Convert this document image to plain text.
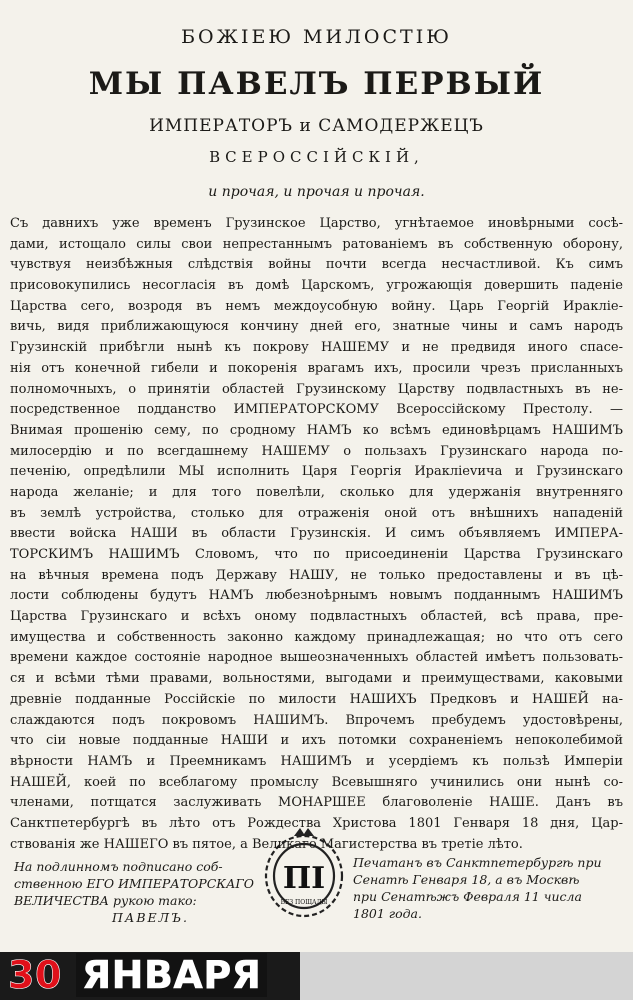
БОЖІЕЮ МИЛОСТІЮ
МЫ ПАВЕЛЪ ПЕРВЫЙ
ИМПЕРАТОРЪ и САМОДЕРЖЕЦЪ
ВСЕРОССІЙСКІЙ,
и прочая, и прочая и прочая.
Съ давнихъ уже временъ Грузинское Царство, угнѣтаемое иновѣрными сосѣ-
дами, истощало силы свои непрестаннымъ ратованіемъ въ собственную оборону,
чувствуя неизбѣжныя слѣдствія войны почти всегда несчастливой. Къ симъ
присовокупились несогласія въ домѣ Царскомъ, угрожающія довершить паденіе
Царства сего, возродя въ немъ междоусобную войну. Царь Георгій Ираклie-
вичь, видя приближающуюся кончину дней его, знатные чины и самъ народъ
Грузинскій прибѣгли нынѣ къ покрову НАШЕМУ и не предвидя иного спасе-
нія отъ конечной гибели и покоренія врагамъ ихъ, просили чрезъ присланныхъ
полномочныхъ, о принятіи областей Грузинскому Царству подвластныхъ въ не-
посредственное подданство ИМПЕРАТОРСКОМУ Всероссійскому Престолу. —
Внимая прошенію сему, по сродному НАМЪ ко всѣмъ единовѣрцамъ НАШИМЪ
милосердію и по всегдашнему НАШЕМУ о пользахъ Грузинскаго народа по-
печенію, опредѣлили МЫ исполнить Царя Георгія Ираклievича и Грузинскаго
народа желаніе; и для того повелѣли, сколько для удержанія внутренняго
въ землѣ устройства, столько для отраженія оной отъ внѣшнихъ нападеній
ввести войска НАШИ въ области Грузинскія. И симъ объявляемъ ИМПЕРА-
ТОРСКИМЪ НАШИМЪ Словомъ, что по присоединеніи Царства Грузинскаго
на вѣчныя времена подъ Державу НАШУ, не только предоставлены и въ цѣ-
лости соблюдены будутъ НАМЪ любезноѣрнымъ новымъ подданнымъ НАШИМЪ
Царства Грузинскаго и всѣхъ оному подвластныхъ областей, всѣ права, пре-
имущества и собственность законно каждому принадлежащая; но что отъ сего
времени каждое состояніе народное вышеозначенныхъ областей имѣетъ пользовать-
ся и всѣми тѣми правами, вольностями, выгодами и преимуществами, каковыми
древніе подданные Россійскіе по милости НАШИХЪ Предковъ и НАШЕЙ на-
слаждаются подъ покровомъ НАШИМЪ. Впрочемъ пребудемъ удостовѣрены,
что сіи новые подданные НАШИ и ихъ потомки сохраненіемъ непоколебимой
вѣрности НАМЪ и Преемникамъ НАШИМЪ и усердіемъ къ пользѣ Имперіи
НАШЕЙ, коей по всеблагому промыслу Всевышняго учинились они нынѣ со-
членами, потщатся заслуживать МОНАРШЕЕ благоволеніе НАШЕ. Данъ въ
Санктпетербургѣ въ лѣто отъ Рождества Христова 1801 Генваря 18 дня, Цар-
ствованія же НАШЕГО въ пятое, а Великаго Магистерства въ третіе лѣто.
На подлинномъ подписано соб-
ственною ЕГО ИМПЕРАТОРСКАГО
ВЕЛИЧЕСТВА рукою тако:
ПАВЕЛЪ.
ПІ
БЕЗ ПОЩАДЫ
Печатанъ въ Санктпетербургѣ при
Сенатѣ Генваря 18, а въ Москвѣ
при Сенатѣжъ Февраля 11 числа
1801 года.
30 ЯНВАРЯ
